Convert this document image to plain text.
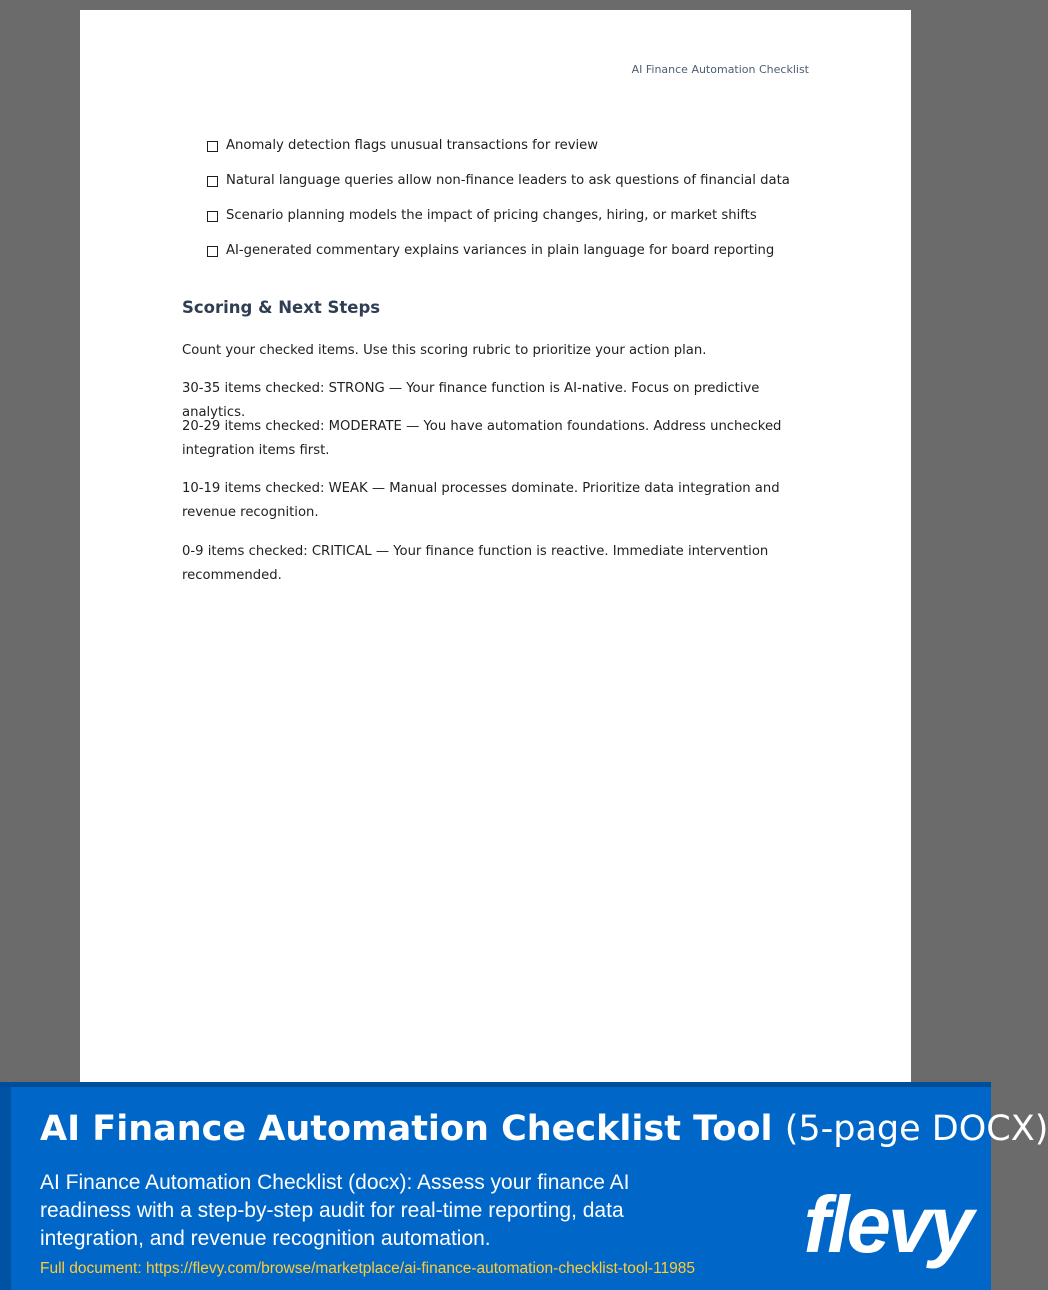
AI Finance Automation Checklist
Anomaly detection flags unusual transactions for review
Natural language queries allow non-finance leaders to ask questions of financial data
Scenario planning models the impact of pricing changes, hiring, or market shifts
AI-generated commentary explains variances in plain language for board reporting
Scoring & Next Steps

Count your checked items. Use this scoring rubric to prioritize your action plan.

30-35 items checked: STRONG — Your finance function is AI-native. Focus on predictive analytics.

20-29 items checked: MODERATE — You have automation foundations. Address unchecked integration items first.

10-19 items checked: WEAK — Manual processes dominate. Prioritize data integration and revenue recognition.

0-9 items checked: CRITICAL — Your finance function is reactive. Immediate intervention recommended.

AI Finance Automation Checklist Tool (5-page DOCX)

AI Finance Automation Checklist (docx): Assess your finance AI readiness with a step-by-step audit for real-time reporting, data integration, and revenue recognition automation.

Full document: https://flevy.com/browse/marketplace/ai-finance-automation-checklist-tool-11985 flevy
